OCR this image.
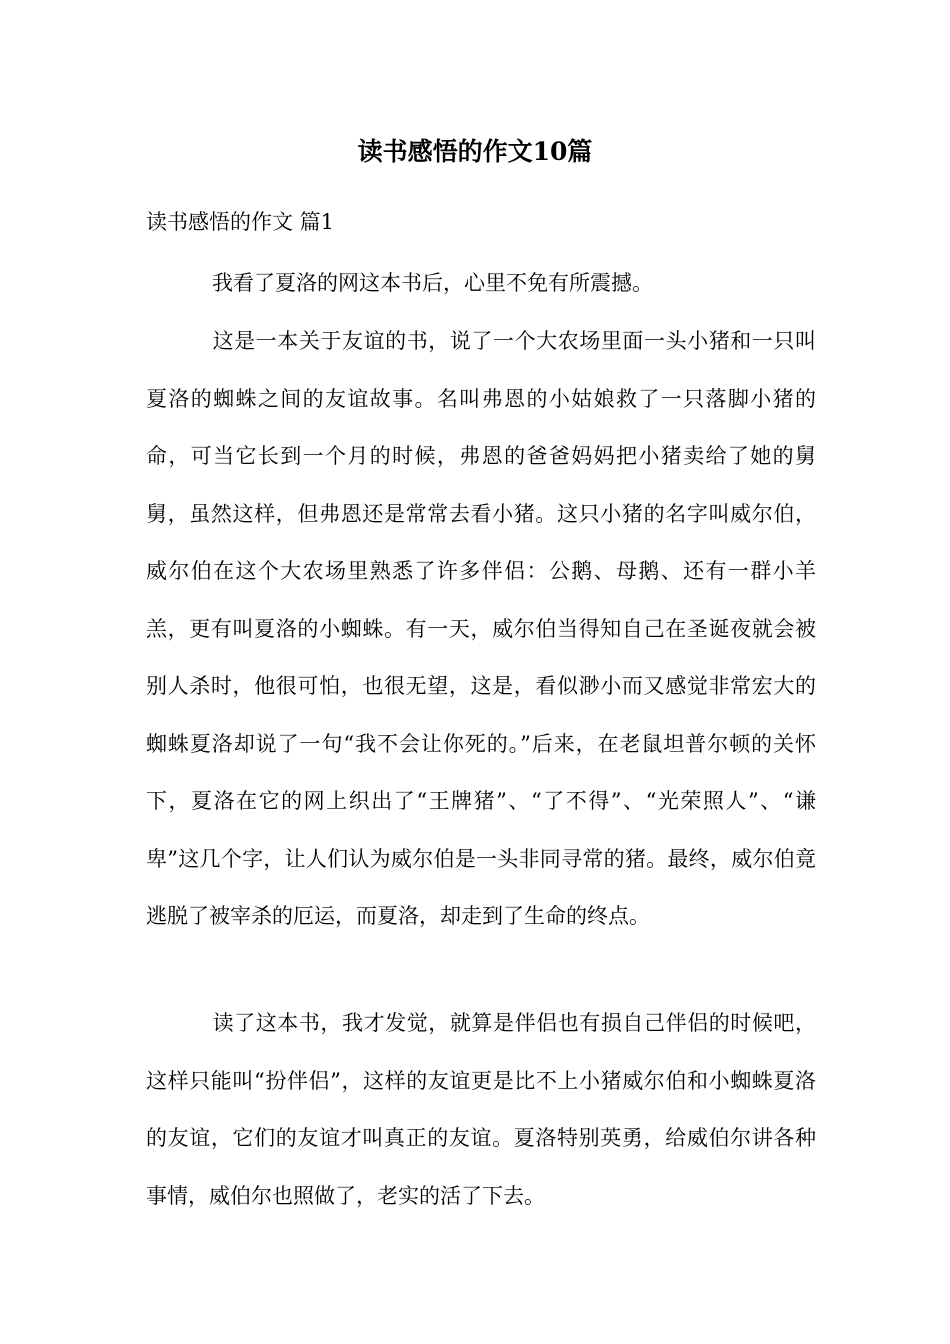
读书感悟的作文10篇
读书感悟的作文 篇1

我看了夏洛的网这本书后，心里不免有所震撼。

这是一本关于友谊的书，说了一个大农场里面一头小猪和一只叫夏洛的蜘蛛之间的友谊故事。名叫弗恩的小姑娘救了一只落脚小猪的命，可当它长到一个月的时候，弗恩的爸爸妈妈把小猪卖给了她的舅舅，虽然这样，但弗恩还是常常去看小猪。这只小猪的名字叫威尔伯，威尔伯在这个大农场里熟悉了许多伴侣：公鹅、母鹅、还有一群小羊羔，更有叫夏洛的小蜘蛛。有一天，威尔伯当得知自己在圣诞夜就会被别人杀时，他很可怕，也很无望，这是，看似渺小而又感觉非常宏大的蜘蛛夏洛却说了一句“我不会让你死的。”后来，在老鼠坦普尔顿的关怀下，夏洛在它的网上织出了“王牌猪”、“了不得”、“光荣照人”、“谦卑”这几个字，让人们认为威尔伯是一头非同寻常的猪。最终，威尔伯竟逃脱了被宰杀的厄运，而夏洛，却走到了生命的终点。

读了这本书，我才发觉，就算是伴侣也有损自己伴侣的时候吧，这样只能叫“扮伴侣”，这样的友谊更是比不上小猪威尔伯和小蜘蛛夏洛的友谊，它们的友谊才叫真正的友谊。夏洛特别英勇，给威伯尔讲各种事情，威伯尔也照做了，老实的活了下去。
